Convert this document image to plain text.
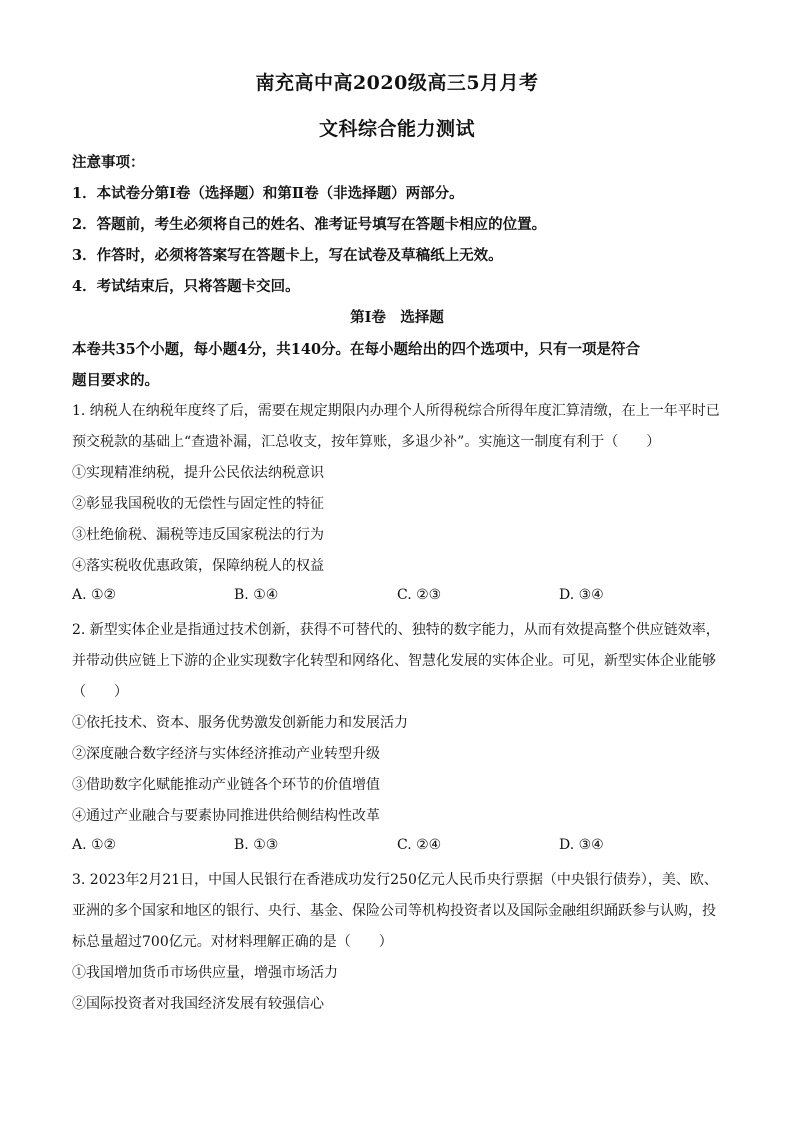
南充高中高2020级高三5月月考
文科综合能力测试
注意事项：
1．本试卷分第Ⅰ卷（选择题）和第Ⅱ卷（非选择题）两部分。
2．答题前，考生必须将自己的姓名、准考证号填写在答题卡相应的位置。
3．作答时，必须将答案写在答题卡上，写在试卷及草稿纸上无效。
4．考试结束后，只将答题卡交回。
第Ⅰ卷　选择题
本卷共35个小题，每小题4分，共140分。在每小题给出的四个选项中，只有一项是符合
题目要求的。
1. 纳税人在纳税年度终了后，需要在规定期限内办理个人所得税综合所得年度汇算清缴，在上一年平时已
预交税款的基础上“查遗补漏，汇总收支，按年算账，多退少补”。实施这一制度有利于（　　）
①实现精准纳税，提升公民依法纳税意识
②彰显我国税收的无偿性与固定性的特征
③杜绝偷税、漏税等违反国家税法的行为
④落实税收优惠政策，保障纳税人的权益
A. ①②	B. ①④	C. ②③	D. ③④
2. 新型实体企业是指通过技术创新，获得不可替代的、独特的数字能力，从而有效提高整个供应链效率，
并带动供应链上下游的企业实现数字化转型和网络化、智慧化发展的实体企业。可见，新型实体企业能够
（　　）
①依托技术、资本、服务优势激发创新能力和发展活力
②深度融合数字经济与实体经济推动产业转型升级
③借助数字化赋能推动产业链各个环节的价值增值
④通过产业融合与要素协同推进供给侧结构性改革
A. ①②	B. ①③	C. ②④	D. ③④
3. 2023年2月21日，中国人民银行在香港成功发行250亿元人民币央行票据（中央银行债券），美、欧、
亚洲的多个国家和地区的银行、央行、基金、保险公司等机构投资者以及国际金融组织踊跃参与认购，投
标总量超过700亿元。对材料理解正确的是（　　）
①我国增加货币市场供应量，增强市场活力
②国际投资者对我国经济发展有较强信心
